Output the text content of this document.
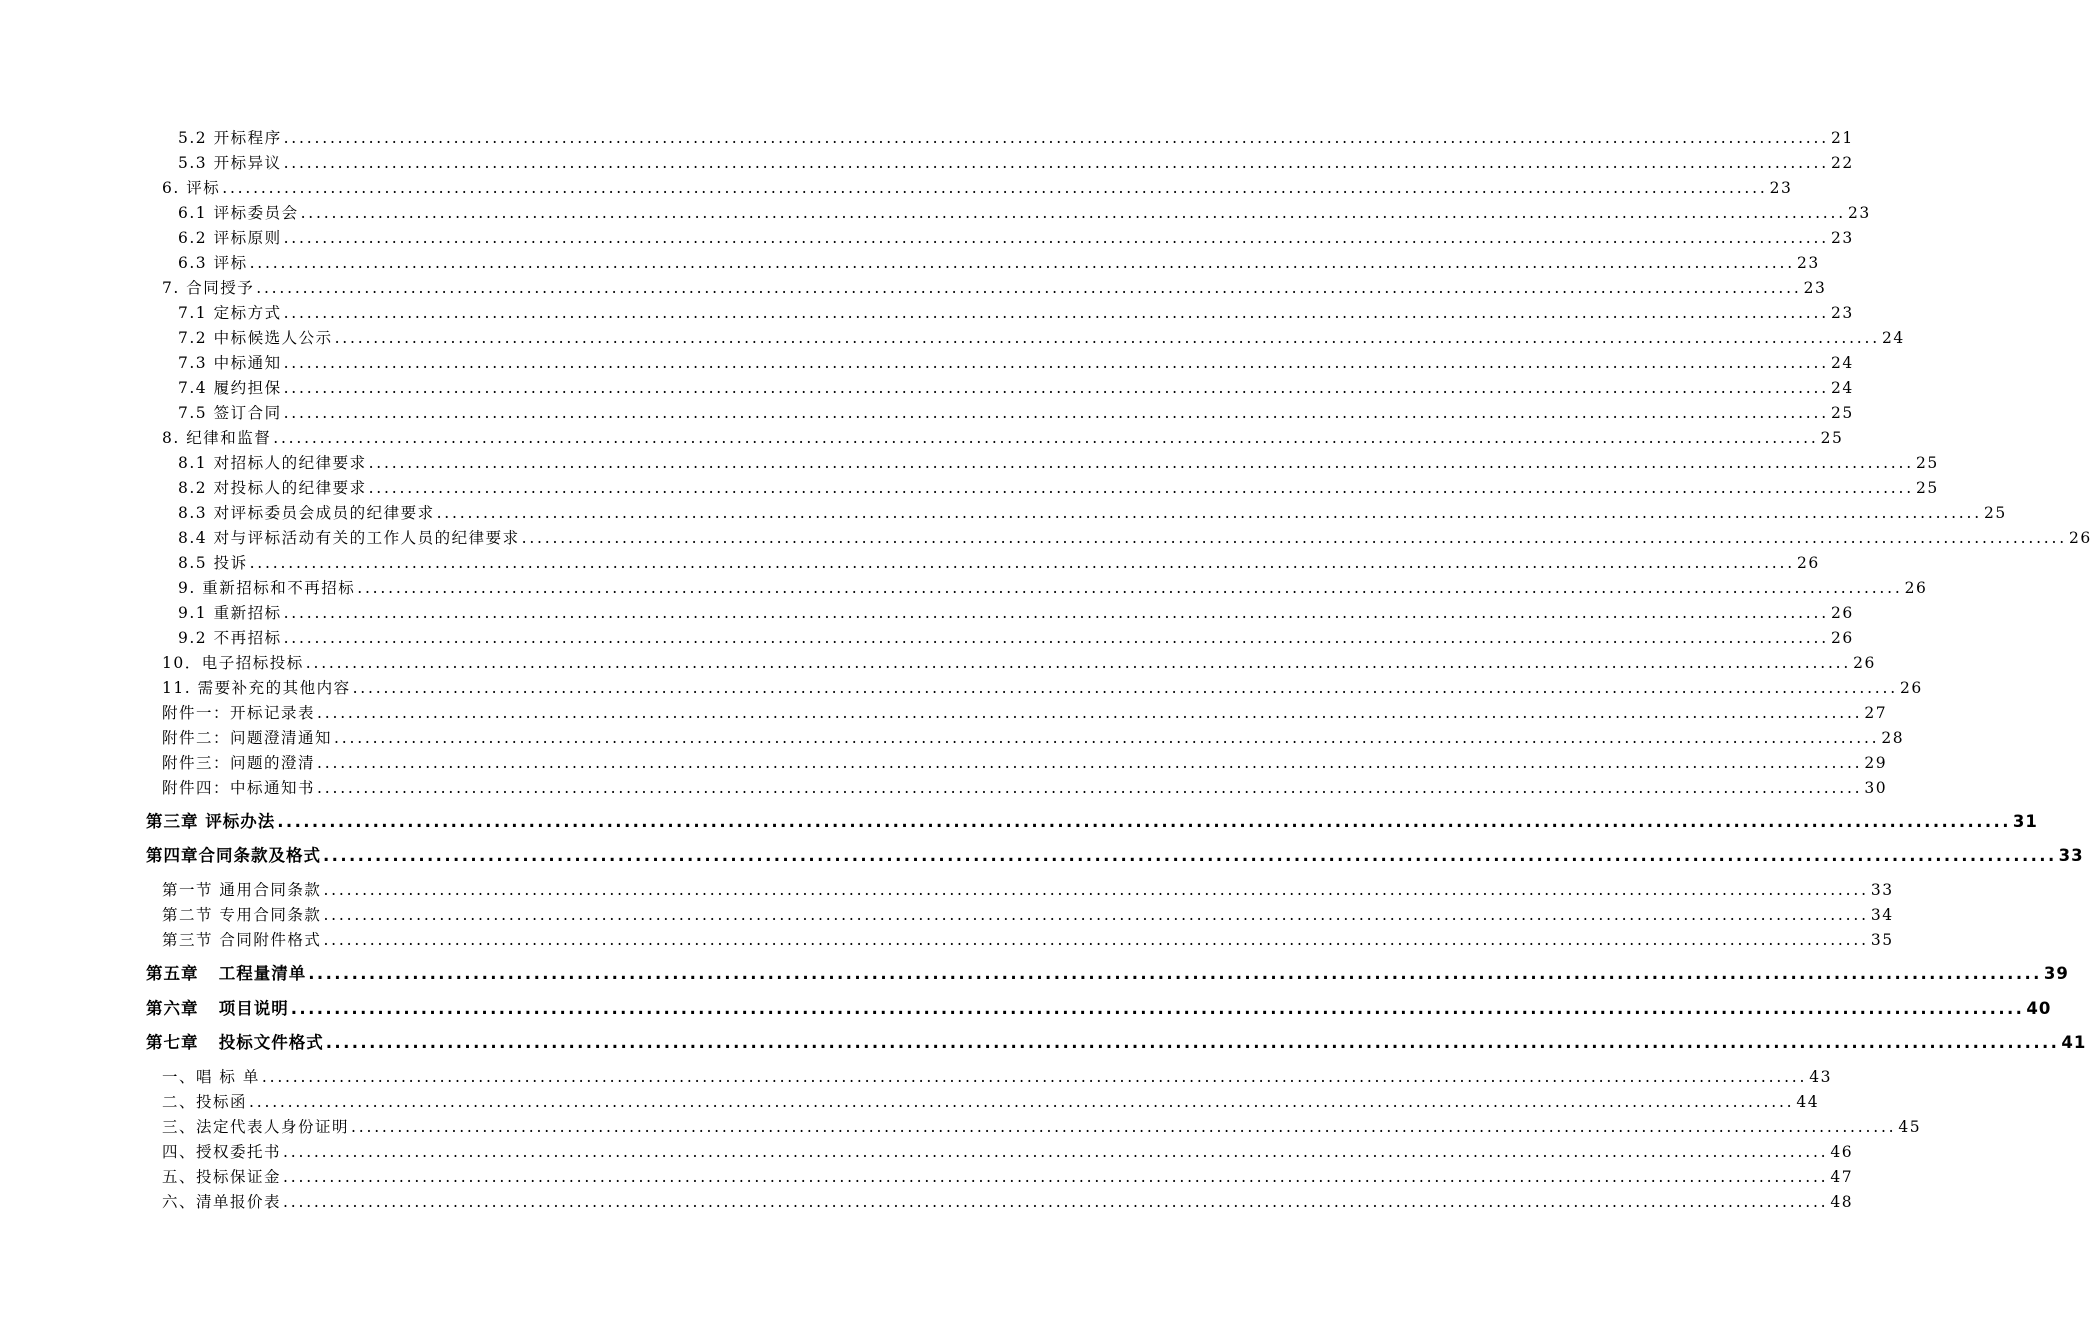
5.2 开标程序 ........................................................................................................................................................................................................ 21
5.3 开标异议 ........................................................................................................................................................................................................ 22
6. 评标 ........................................................................................................................................................................................................ 23
6.1 评标委员会 ........................................................................................................................................................................................................ 23
6.2 评标原则 ........................................................................................................................................................................................................ 23
6.3 评标 ........................................................................................................................................................................................................ 23
7. 合同授予 ........................................................................................................................................................................................................ 23
7.1 定标方式 ........................................................................................................................................................................................................ 23
7.2 中标候选人公示 ........................................................................................................................................................................................................ 24
7.3 中标通知 ........................................................................................................................................................................................................ 24
7.4 履约担保 ........................................................................................................................................................................................................ 24
7.5 签订合同 ........................................................................................................................................................................................................ 25
8. 纪律和监督 ........................................................................................................................................................................................................ 25
8.1 对招标人的纪律要求 ........................................................................................................................................................................................................ 25
8.2 对投标人的纪律要求 ........................................................................................................................................................................................................ 25
8.3 对评标委员会成员的纪律要求 ........................................................................................................................................................................................................ 25
8.4 对与评标活动有关的工作人员的纪律要求 ........................................................................................................................................................................................................ 26
8.5 投诉 ........................................................................................................................................................................................................ 26
9. 重新招标和不再招标 ........................................................................................................................................................................................................ 26
9.1 重新招标 ........................................................................................................................................................................................................ 26
9.2 不再招标 ........................................................................................................................................................................................................ 26
10．电子招标投标 ........................................................................................................................................................................................................ 26
11. 需要补充的其他内容 ........................................................................................................................................................................................................ 26
附件一：开标记录表 ........................................................................................................................................................................................................ 27
附件二：问题澄清通知 ........................................................................................................................................................................................................ 28
附件三：问题的澄清 ........................................................................................................................................................................................................ 29
附件四：中标通知书 ........................................................................................................................................................................................................ 30
第三章 评标办法 ........................................................................................................................................................................................................ 31
第四章合同条款及格式 ........................................................................................................................................................................................................ 33
第一节 通用合同条款 ........................................................................................................................................................................................................ 33
第二节 专用合同条款 ........................................................................................................................................................................................................ 34
第三节 合同附件格式 ........................................................................................................................................................................................................ 35
第五章   工程量清单 ........................................................................................................................................................................................................ 39
第六章   项目说明 ........................................................................................................................................................................................................ 40
第七章   投标文件格式 ........................................................................................................................................................................................................ 41
一、唱 标 单 ........................................................................................................................................................................................................ 43
二、投标函 ........................................................................................................................................................................................................ 44
三、法定代表人身份证明 ........................................................................................................................................................................................................ 45
四、授权委托书 ........................................................................................................................................................................................................ 46
五、投标保证金 ........................................................................................................................................................................................................ 47
六、清单报价表 ........................................................................................................................................................................................................ 48
